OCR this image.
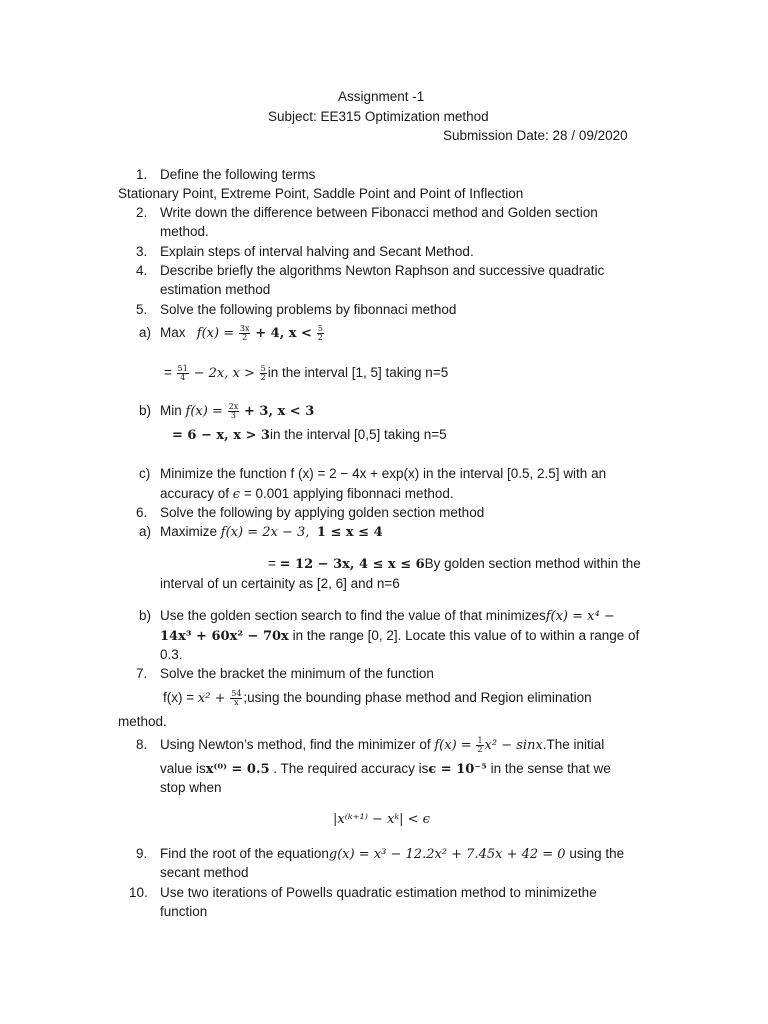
Assignment -1
Subject: EE315 Optimization method
Submission Date: 28 / 09/2020
1. Define the following terms
Stationary Point, Extreme Point, Saddle Point and Point of Inflection
2. Write down the difference between Fibonacci method and Golden section
method.
3. Explain steps of interval halving and Secant Method.
4. Describe briefly the algorithms Newton Raphson and successive quadratic
estimation method
5. Solve the following problems by fibonnaci method
a) Max $f(x) = \frac{3x}{2} + 4$, $x < \frac{5}{2}$
= $\frac{51}{4} - 2x$, $x > \frac{5}{2}$ in the interval [1, 5] taking n=5
b) Min $f(x) = \frac{2x}{3} + 3$, x < 3
= 6 − x, x > 3in the interval [0,5] taking n=5
c) Minimize the function f (x) = 2 − 4x + exp(x) in the interval [0.5, 2.5] with an
accuracy of ϵ = 0.001 applying fibonnaci method.
6. Solve the following by applying golden section method
a) Maximize f(x) = 2x − 3, 1 ≤ x ≤ 4
= = 12 − 3x, 4 ≤ x ≤ 6By golden section method within the
interval of un certainity as [2, 6] and n=6
b) Use the golden section search to find the value of that minimizesf(x) = x⁴ −
14x³ + 60x² − 70x in the range [0, 2]. Locate this value of to within a range of
0.3.
7. Solve the bracket the minimum of the function
$f(x) = x^2 + \frac{54}{x}$ ;using the bounding phase method and Region elimination
method.
8. Using Newton’s method, find the minimizer of $f(x) = \frac{1}{2} x^2 - \sin x.The$ initial
value isx⁽⁰⁾ = 0.5 . The required accuracy isϵ = 10⁻⁵ in the sense that we
stop when
|x⁽ᵏ⁺¹⁾ − xᵏ| < ϵ
9. Find the root of the equationg(x) = x³ − 12.2x² + 7.45x + 42 = 0 using the
secant method
10. Use two iterations of Powells quadratic estimation method to minimizethe
function
